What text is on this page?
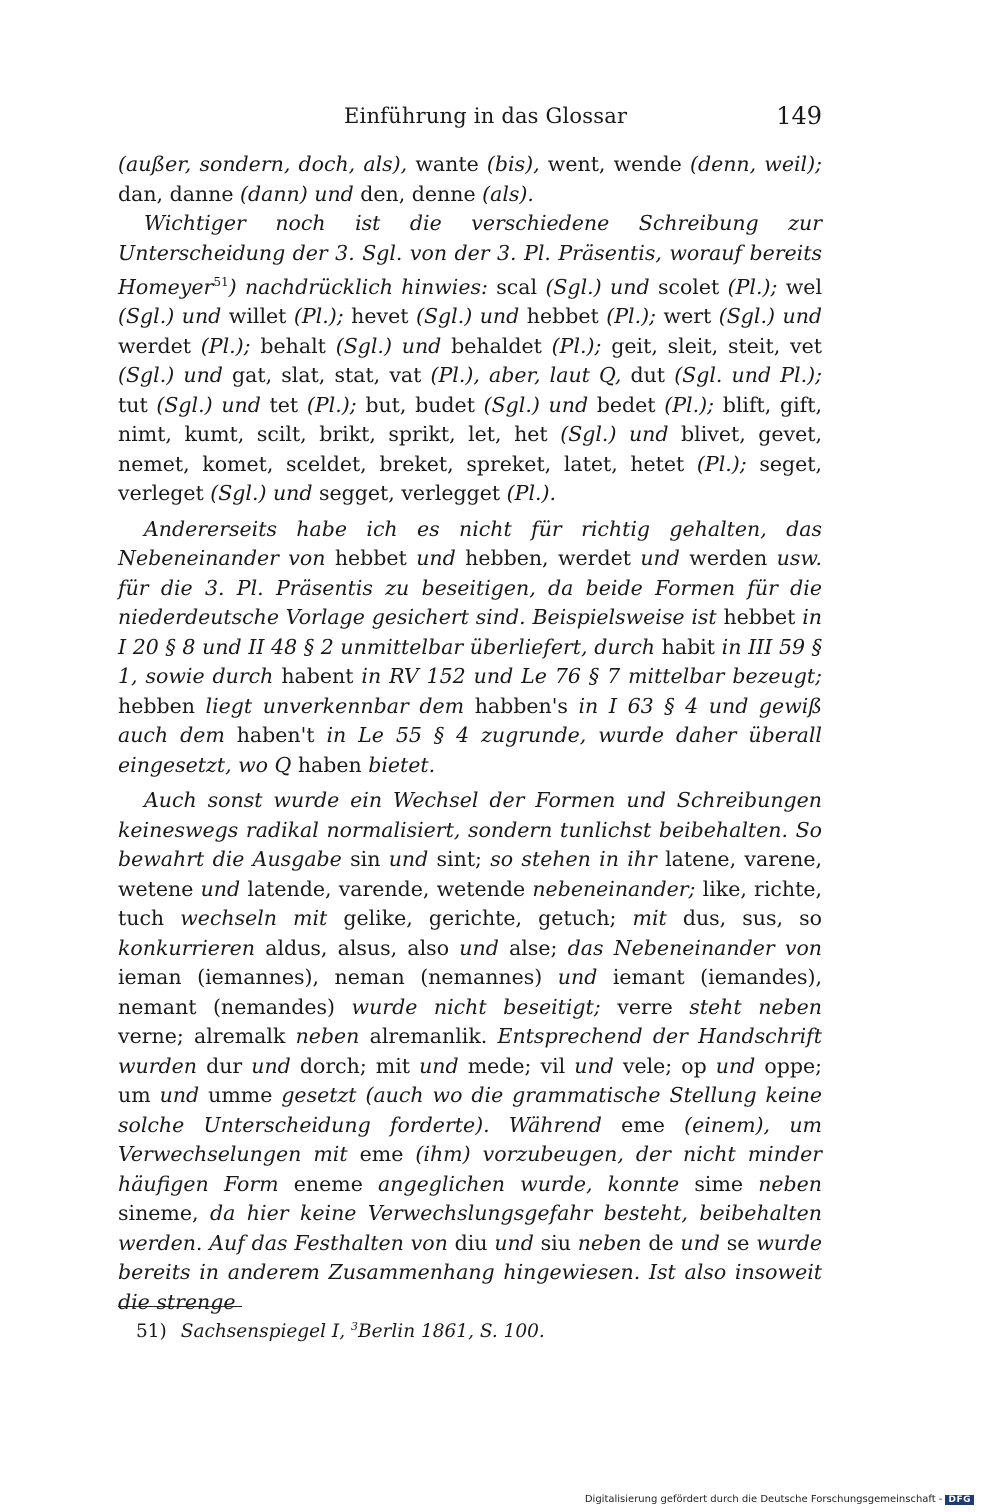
Einführung in das Glossar	149

(außer, sondern, doch, als), wante (bis), went, wende (denn, weil); dan, danne (dann) und den, denne (als).

Wichtiger noch ist die verschiedene Schreibung zur Unterscheidung der 3. Sgl. von der 3. Pl. Präsentis, worauf bereits Homeyer$^{51}$) nachdrücklich hinwies: scal (Sgl.) und scolet (Pl.); wel (Sgl.) und willet (Pl.); hevet (Sgl.) und hebbet (Pl.); wert (Sgl.) und werdet (Pl.); behalt (Sgl.) und behaldet (Pl.); geit, sleit, steit, vet (Sgl.) und gat, slat, stat, vat (Pl.), aber, laut Q, dut (Sgl. und Pl.); tut (Sgl.) und tet (Pl.); but, budet (Sgl.) und bedet (Pl.); blift, gift, nimt, kumt, scilt, brikt, sprikt, let, het (Sgl.) und blivet, gevet, nemet, komet, sceldet, breket, spreket, latet, hetet (Pl.); seget, verleget (Sgl.) und segget, verlegget (Pl.).

Andererseits habe ich es nicht für richtig gehalten, das Nebeneinander von hebbet und hebben, werdet und werden usw. für die 3. Pl. Präsentis zu beseitigen, da beide Formen für die niederdeutsche Vorlage gesichert sind. Beispielsweise ist hebbet in I 20 § 8 und II 48 § 2 unmittelbar überliefert, durch habit in III 59 § 1, sowie durch habent in RV 152 und Le 76 § 7 mittelbar bezeugt; hebben liegt unverkennbar dem habben's in I 63 § 4 und gewiß auch dem haben't in Le 55 § 4 zugrunde, wurde daher überall eingesetzt, wo Q haben bietet.

Auch sonst wurde ein Wechsel der Formen und Schreibungen keineswegs radikal normalisiert, sondern tunlichst beibehalten. So bewahrt die Ausgabe sin und sint; so stehen in ihr latene, varene, wetene und latende, varende, wetende nebeneinander; like, richte, tuch wechseln mit gelike, gerichte, getuch; mit dus, sus, so konkurrieren aldus, alsus, also und alse; das Nebeneinander von ieman (iemannes), neman (nemannes) und iemant (iemandes), nemant (nemandes) wurde nicht beseitigt; verre steht neben verne; alremalk neben alremanlik. Entsprechend der Handschrift wurden dur und dorch; mit und mede; vil und vele; op und oppe; um und umme gesetzt (auch wo die grammatische Stellung keine solche Unterscheidung forderte). Während eme (einem), um Verwechselungen mit eme (ihm) vorzubeugen, der nicht minder häufigen Form eneme angeglichen wurde, konnte sime neben sineme, da hier keine Verwechslungsgefahr besteht, beibehalten werden. Auf das Festhalten von diu und siu neben de und se wurde bereits in anderem Zusammenhang hingewiesen. Ist also insoweit die strenge

51) Sachsenspiegel I, $^3$Berlin 1861, S. 100.
Digitalisierung gefördert durch die Deutsche Forschungsgemeinschaft - DFG
